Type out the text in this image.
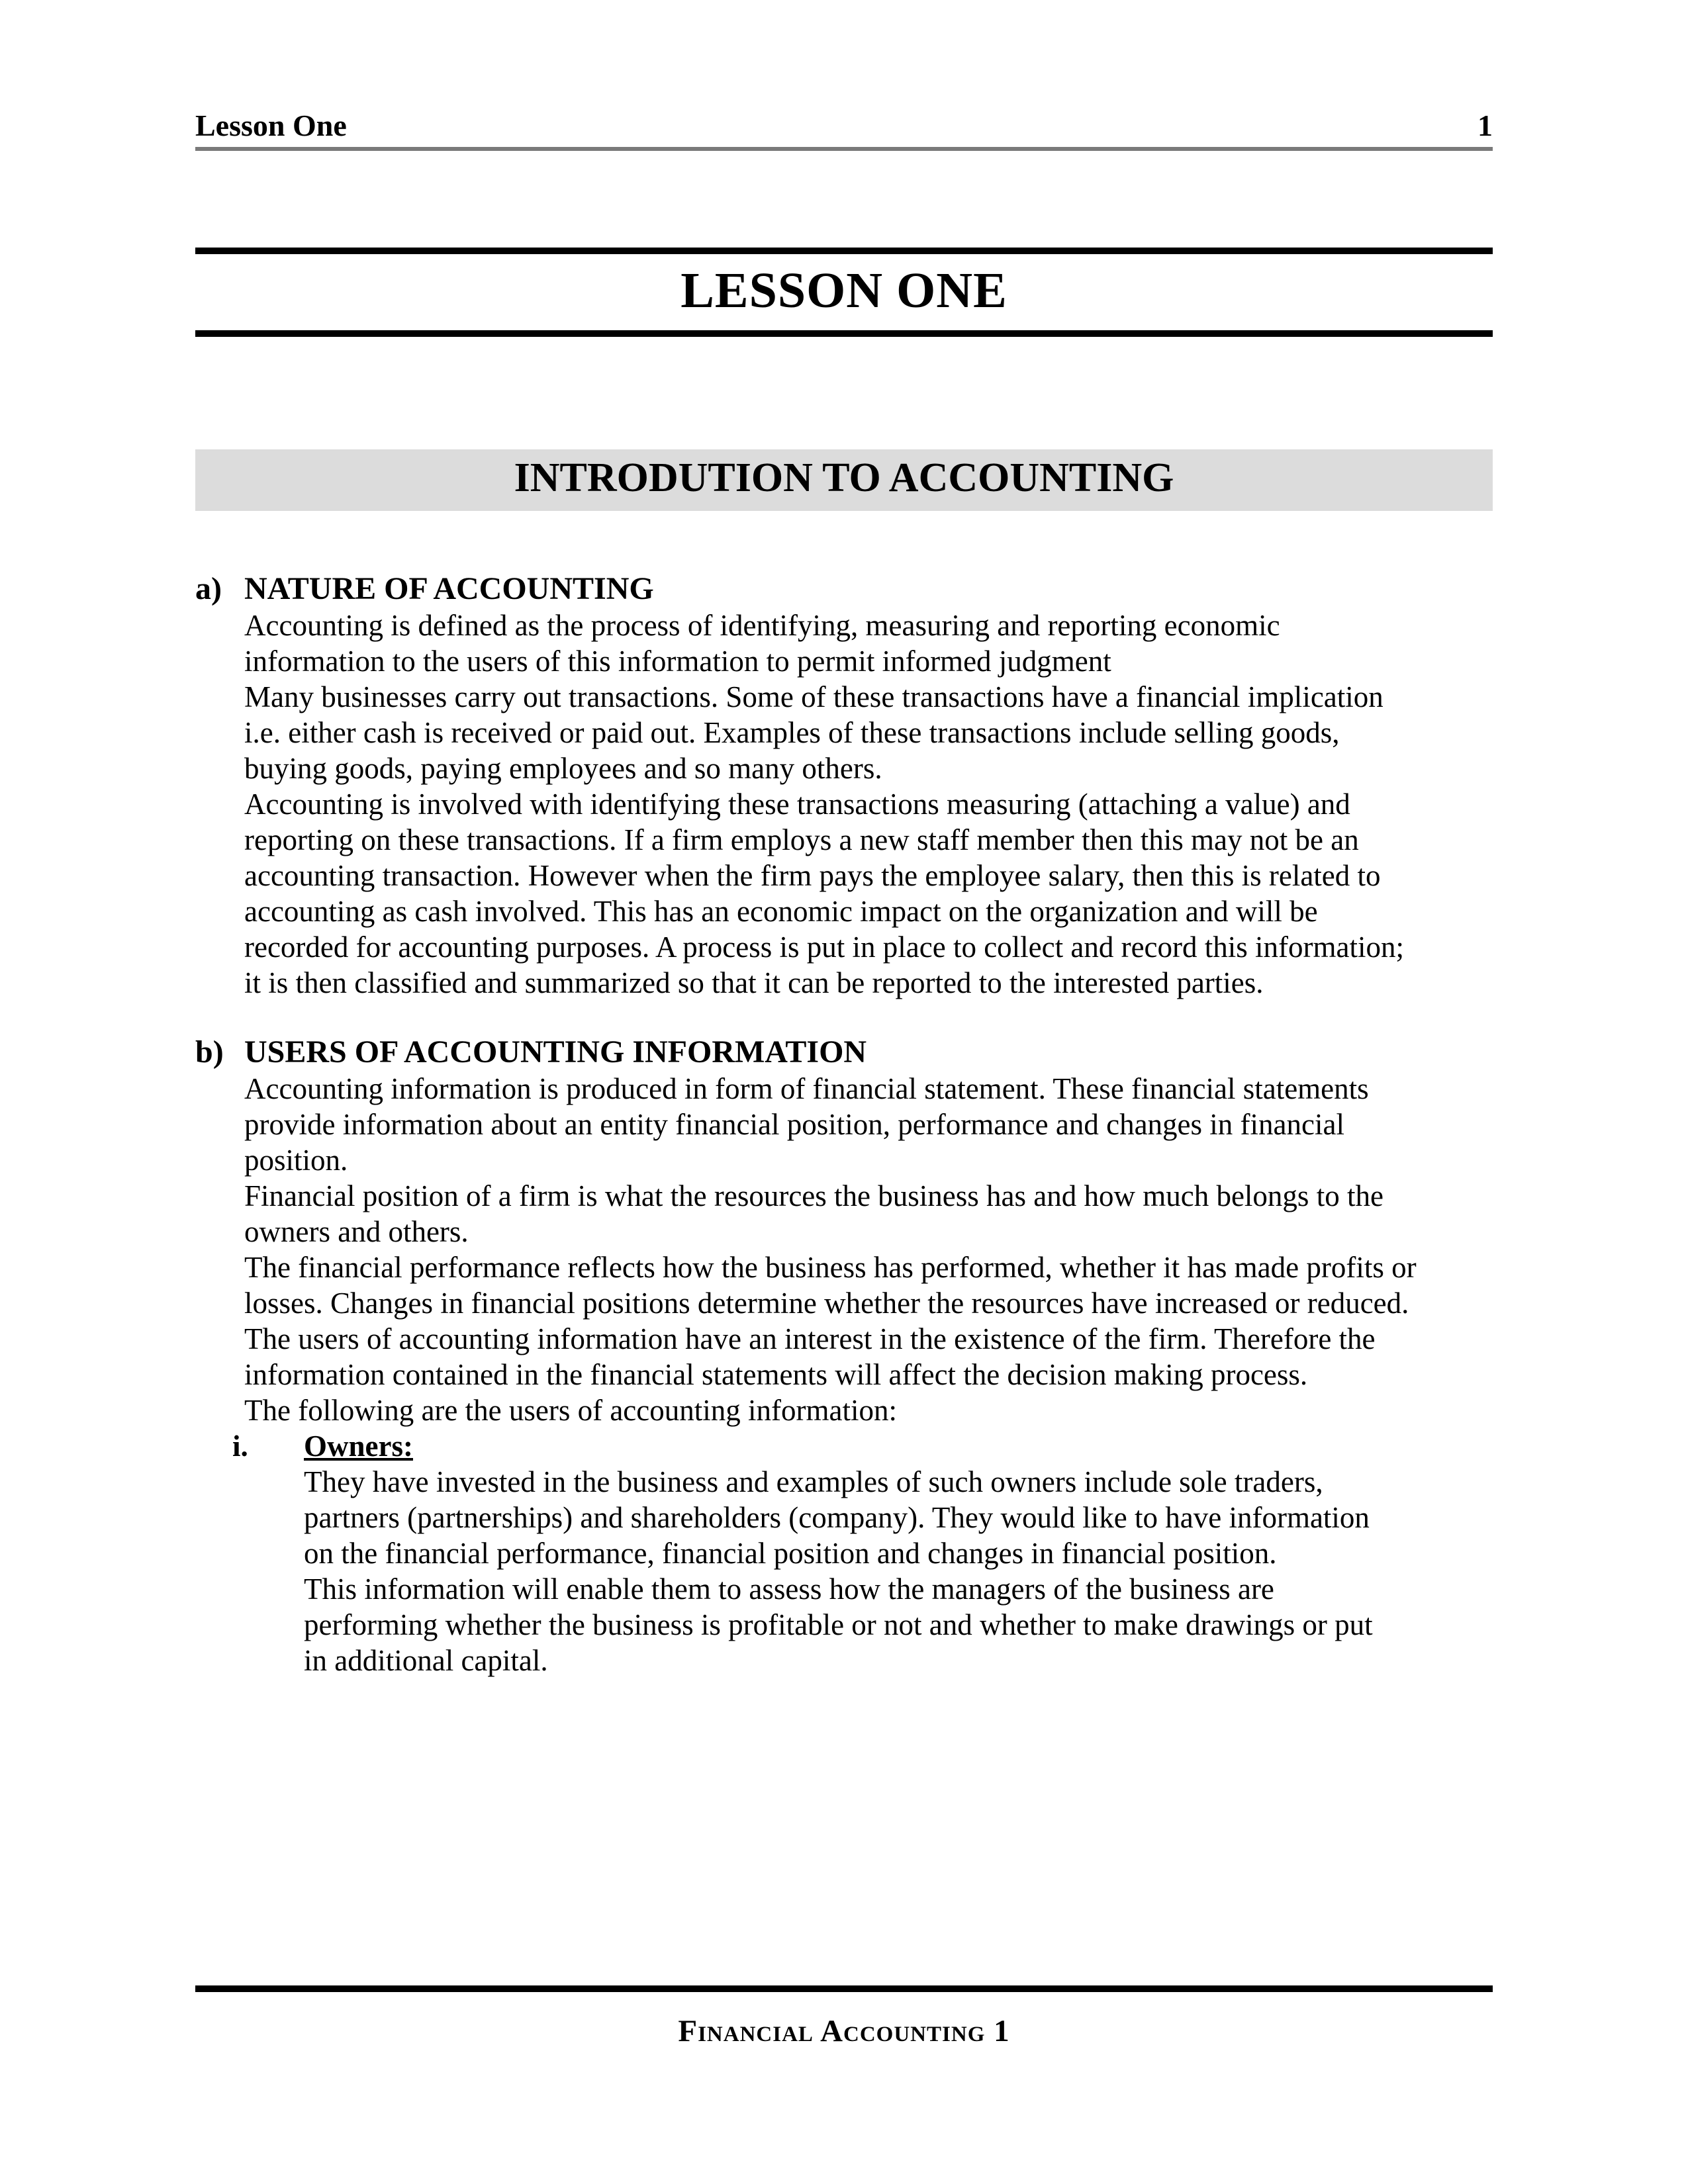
Lesson One	1
LESSON ONE
INTRODUTION TO ACCOUNTING
a) NATURE OF ACCOUNTING

Accounting is defined as the process of identifying, measuring and reporting economic information to the users of this information to permit informed judgment

Many businesses carry out transactions. Some of these transactions have a financial implication i.e. either cash is received or paid out. Examples of these transactions include selling goods, buying goods, paying employees and so many others.

Accounting is involved with identifying these transactions measuring (attaching a value) and reporting on these transactions. If a firm employs a new staff member then this may not be an accounting transaction. However when the firm pays the employee salary, then this is related to accounting as cash involved. This has an economic impact on the organization and will be recorded for accounting purposes. A process is put in place to collect and record this information; it is then classified and summarized so that it can be reported to the interested parties.

b) USERS OF ACCOUNTING INFORMATION

Accounting information is produced in form of financial statement. These financial statements provide information about an entity financial position, performance and changes in financial position.

Financial position of a firm is what the resources the business has and how much belongs to the owners and others.

The financial performance reflects how the business has performed, whether it has made profits or losses. Changes in financial positions determine whether the resources have increased or reduced.

The users of accounting information have an interest in the existence of the firm. Therefore the information contained in the financial statements will affect the decision making process.

The following are the users of accounting information:

i.	Owners:

They have invested in the business and examples of such owners include sole traders, partners (partnerships) and shareholders (company). They would like to have information on the financial performance, financial position and changes in financial position.

This information will enable them to assess how the managers of the business are performing whether the business is profitable or not and whether to make drawings or put in additional capital.

Financial Accounting 1
